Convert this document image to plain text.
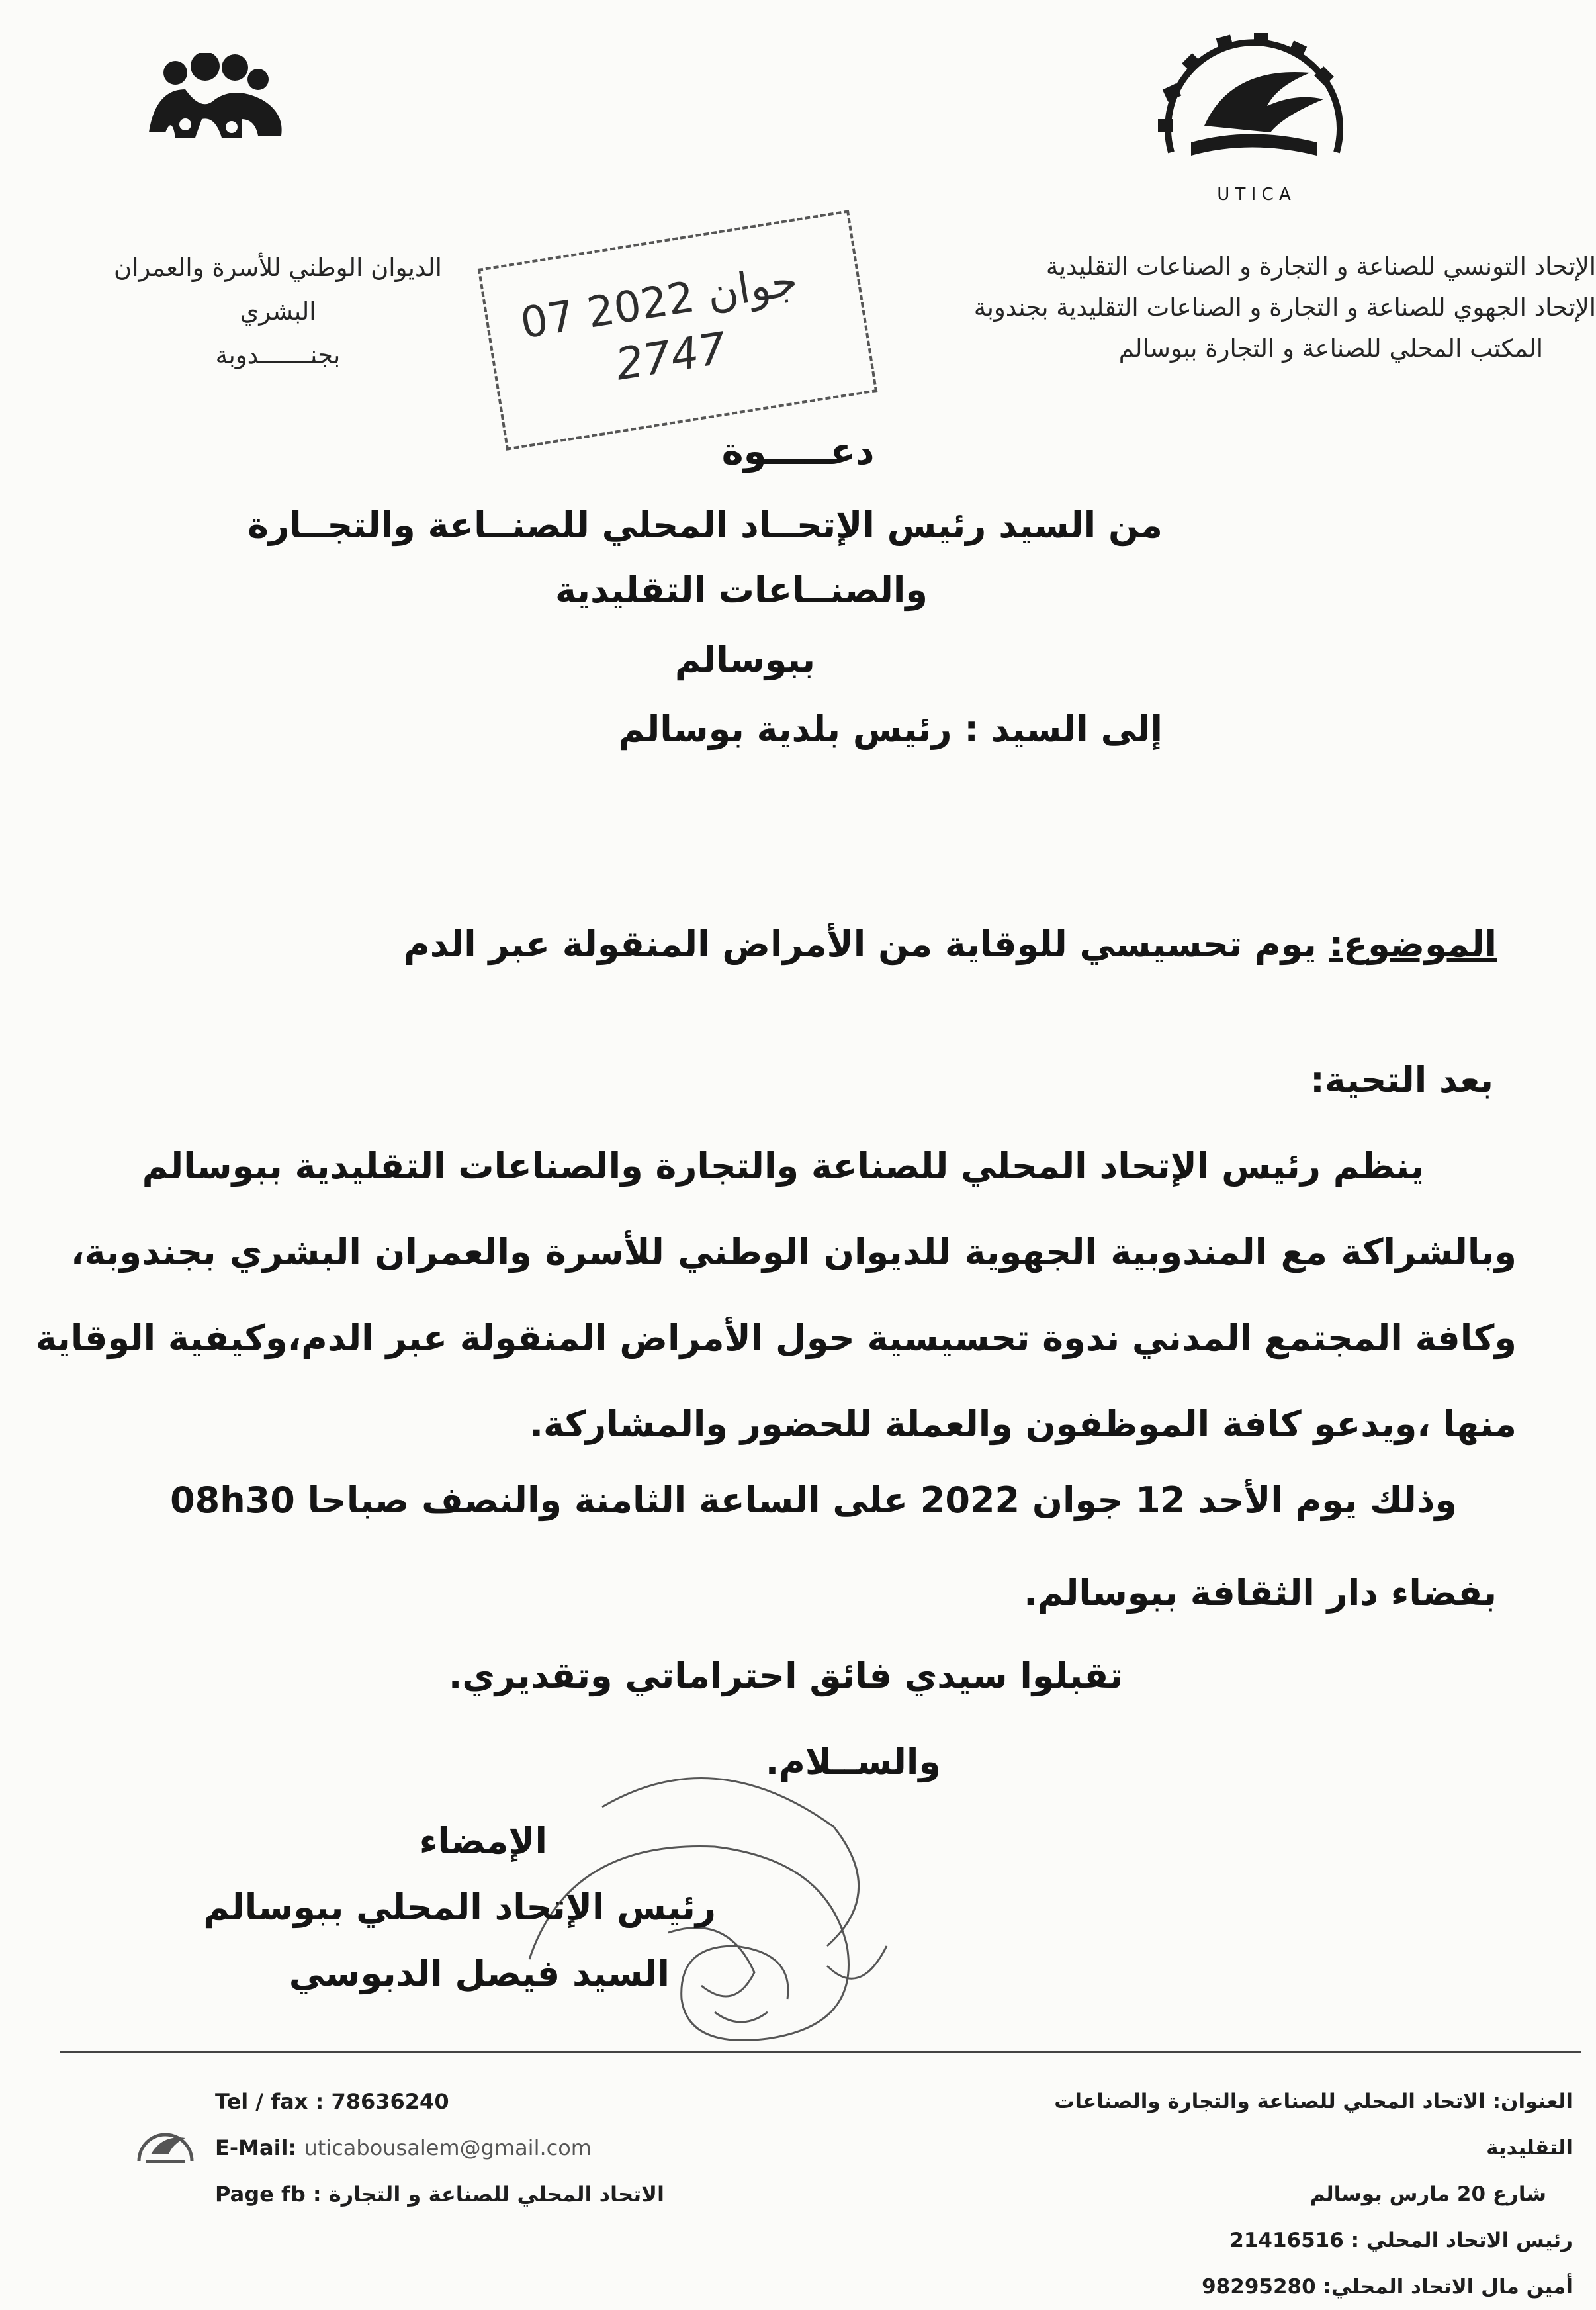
U T I C A
الإتحاد التونسي للصناعة و التجارة و الصناعات التقليدية
الإتحاد الجهوي للصناعة و التجارة و الصناعات التقليدية بجندوبة
المكتب المحلي للصناعة و التجارة ببوسالم
الديوان الوطني للأسرة والعمران
البشري
بجنـــــــدوبة
07 جوان 2022
2747
دعـــــوة
من السيد رئيس الإتحــاد المحلي للصنــاعة والتجــارة
والصنــاعات التقليدية
ببوسالم
إلى السيد : رئيس بلدية بوسالم
الموضوع: يوم تحسيسي للوقاية من الأمراض المنقولة عبر الدم
بعد التحية:
ينظم رئيس الإتحاد المحلي للصناعة والتجارة والصناعات التقليدية ببوسالم
وبالشراكة مع المندوبية الجهوية للديوان الوطني للأسرة والعمران البشري بجندوبة،
وكافة المجتمع المدني ندوة تحسيسية حول الأمراض المنقولة عبر الدم،وكيفية الوقاية
منها ،ويدعو كافة الموظفون والعملة للحضور والمشاركة.
وذلك يوم الأحد 12 جوان 2022 على الساعة الثامنة والنصف صباحا 08h30
بفضاء دار الثقافة ببوسالم.
تقبلوا سيدي فائق احتراماتي وتقديري.
والســلام.
الإمضاء
رئيس الإتحاد المحلي ببوسالم
السيد فيصل الدبوسي
العنوان: الاتحاد المحلي للصناعة والتجارة والصناعات التقليدية
شارع 20 مارس بوسالم
رئيس الاتحاد المحلي : 21416516
أمين مال الاتحاد المحلي: 98295280
Tel / fax : 78636240
E-Mail: uticabousalem@gmail.com
Page fb : الاتحاد المحلي للصناعة و التجارة
